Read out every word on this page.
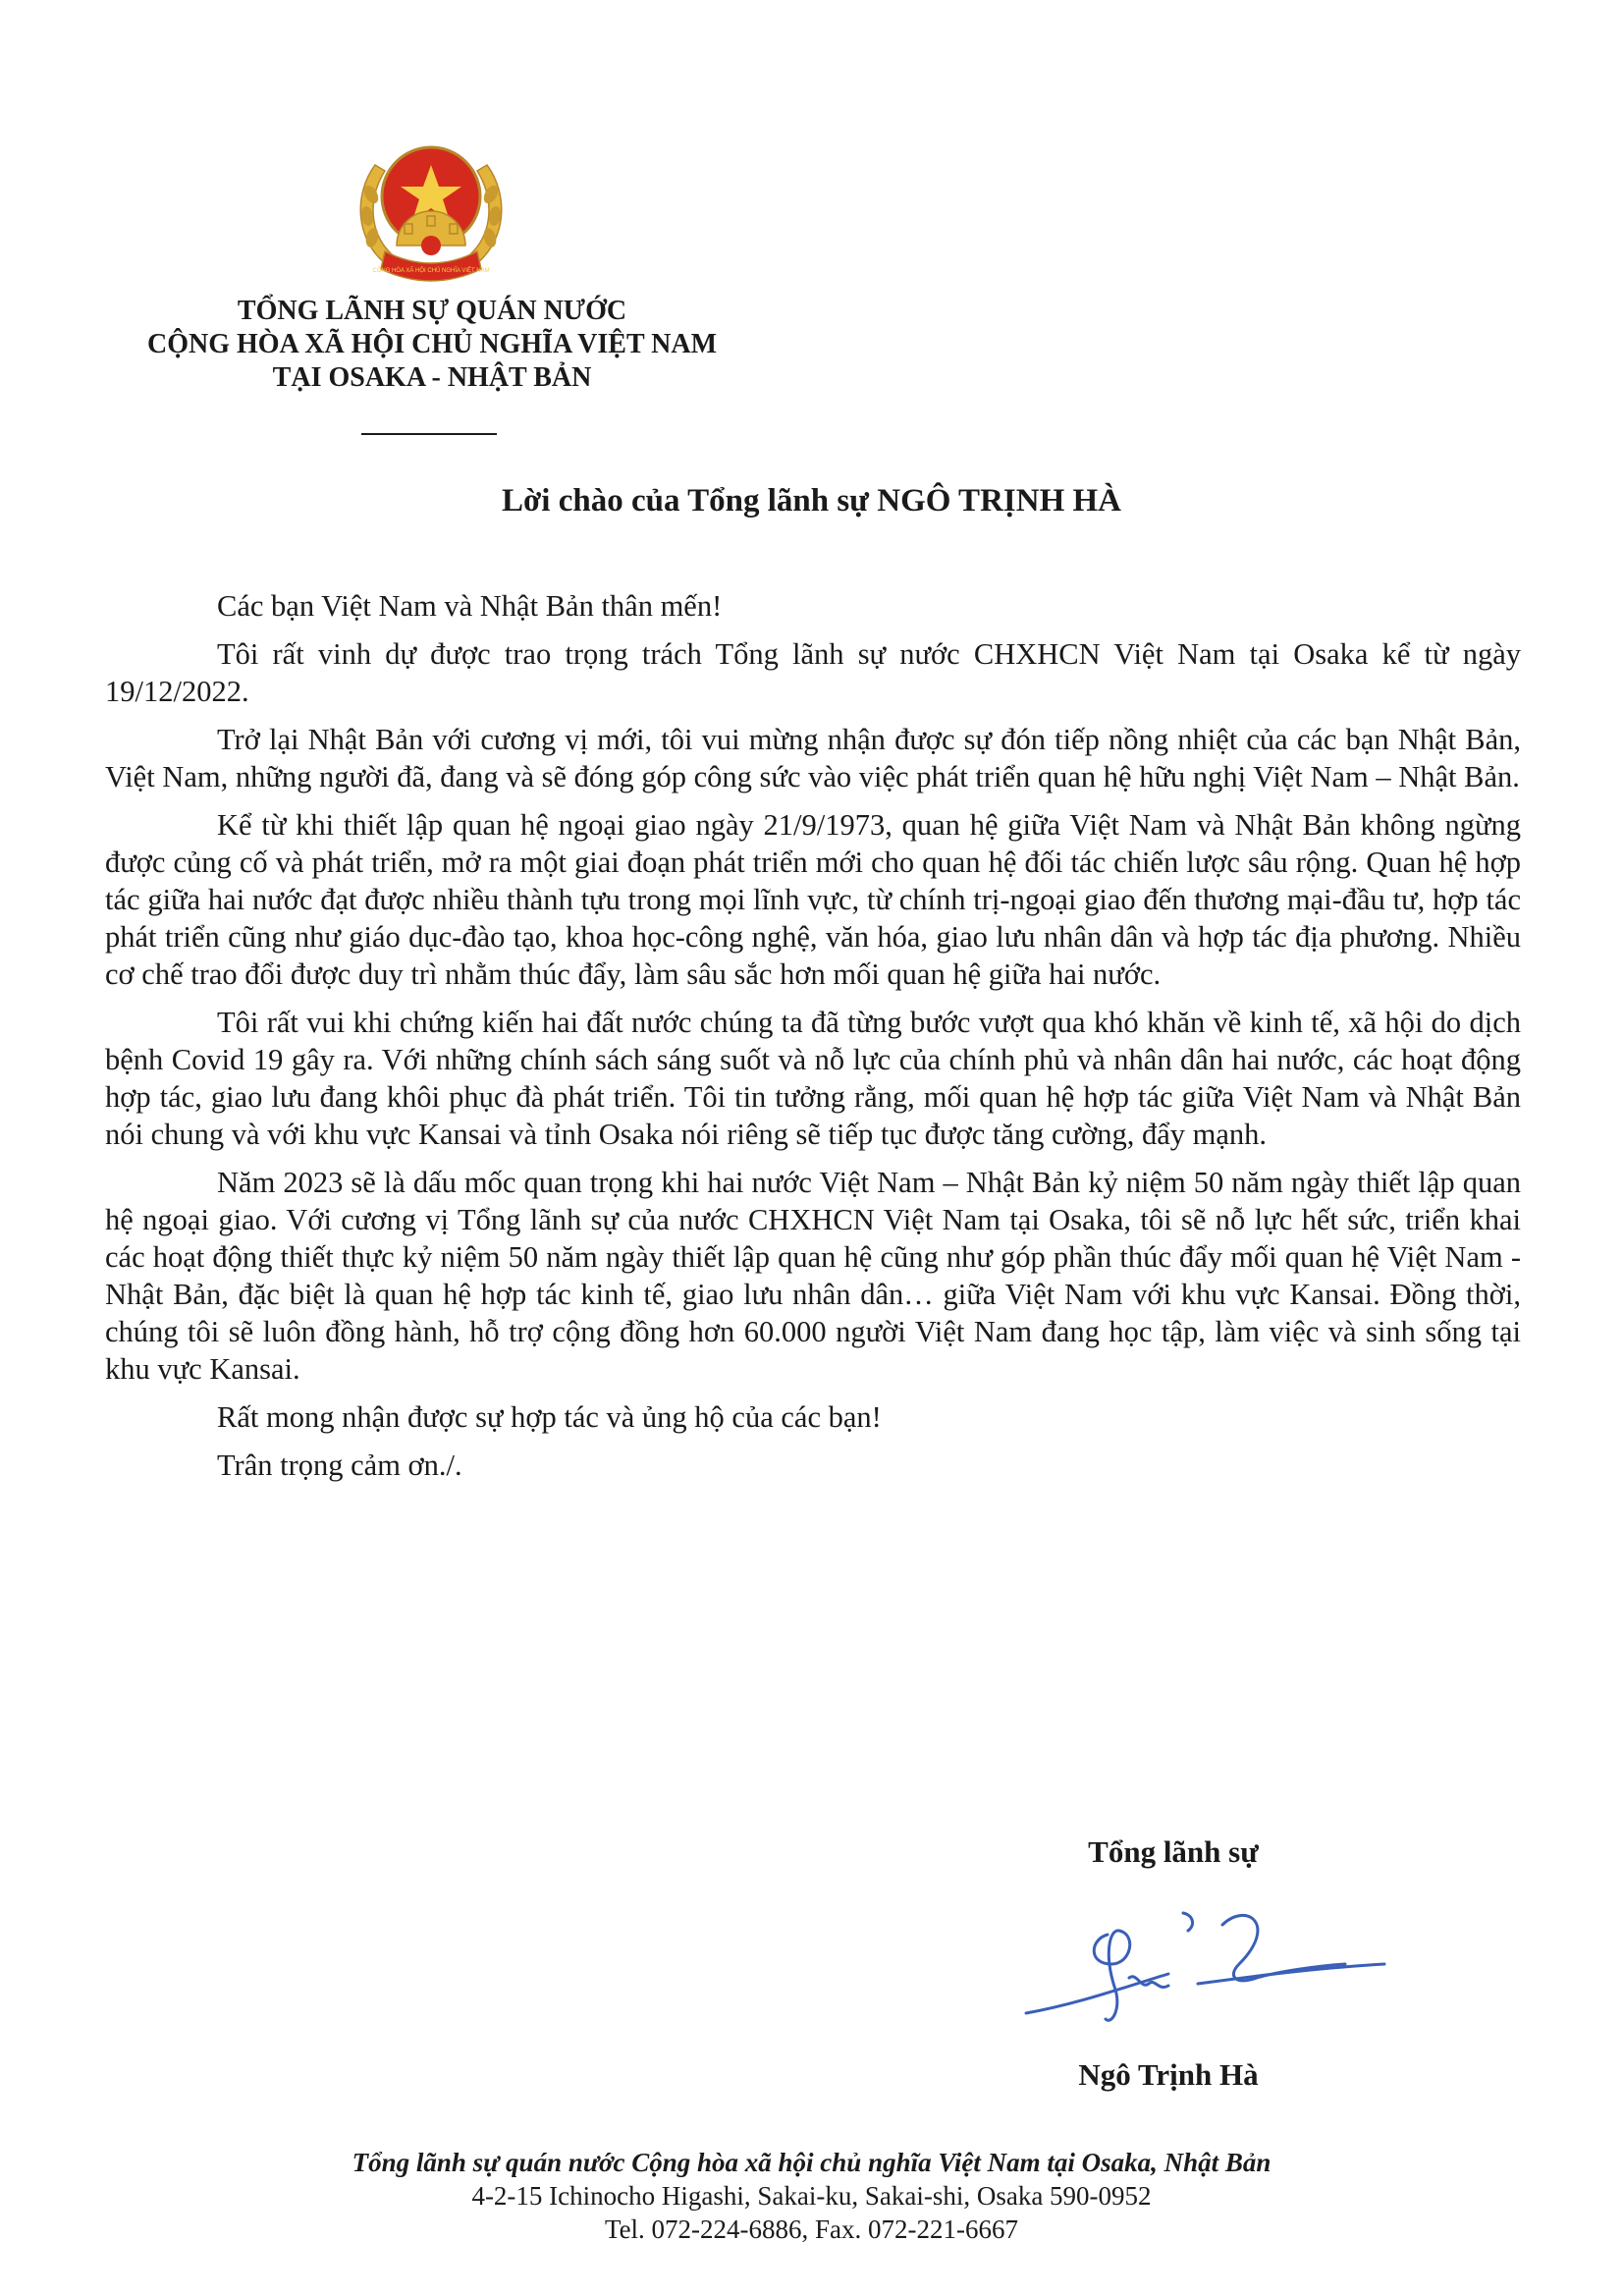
CỘNG HÒA XÃ HỘI CHỦ NGHĨA VIỆT NAM
TỔNG LÃNH SỰ QUÁN NƯỚC
CỘNG HÒA XÃ HỘI CHỦ NGHĨA VIỆT NAM
TẠI OSAKA - NHẬT BẢN
Lời chào của Tổng lãnh sự NGÔ TRỊNH HÀ

Các bạn Việt Nam và Nhật Bản thân mến!

Tôi rất vinh dự được trao trọng trách Tổng lãnh sự nước CHXHCN Việt Nam tại Osaka kể từ ngày 19/12/2022.

Trở lại Nhật Bản với cương vị mới, tôi vui mừng nhận được sự đón tiếp nồng nhiệt của các bạn Nhật Bản, Việt Nam, những người đã, đang và sẽ đóng góp công sức vào việc phát triển quan hệ hữu nghị Việt Nam – Nhật Bản.

Kể từ khi thiết lập quan hệ ngoại giao ngày 21/9/1973, quan hệ giữa Việt Nam và Nhật Bản không ngừng được củng cố và phát triển, mở ra một giai đoạn phát triển mới cho quan hệ đối tác chiến lược sâu rộng. Quan hệ hợp tác giữa hai nước đạt được nhiều thành tựu trong mọi lĩnh vực, từ chính trị-ngoại giao đến thương mại-đầu tư, hợp tác phát triển cũng như giáo dục-đào tạo, khoa học-công nghệ, văn hóa, giao lưu nhân dân và hợp tác địa phương. Nhiều cơ chế trao đổi được duy trì nhằm thúc đẩy, làm sâu sắc hơn mối quan hệ giữa hai nước.

Tôi rất vui khi chứng kiến hai đất nước chúng ta đã từng bước vượt qua khó khăn về kinh tế, xã hội do dịch bệnh Covid 19 gây ra. Với những chính sách sáng suốt và nỗ lực của chính phủ và nhân dân hai nước, các hoạt động hợp tác, giao lưu đang khôi phục đà phát triển. Tôi tin tưởng rằng, mối quan hệ hợp tác giữa Việt Nam và Nhật Bản nói chung và với khu vực Kansai và tỉnh Osaka nói riêng sẽ tiếp tục được tăng cường, đẩy mạnh.

Năm 2023 sẽ là dấu mốc quan trọng khi hai nước Việt Nam – Nhật Bản kỷ niệm 50 năm ngày thiết lập quan hệ ngoại giao. Với cương vị Tổng lãnh sự của nước CHXHCN Việt Nam tại Osaka, tôi sẽ nỗ lực hết sức, triển khai các hoạt động thiết thực kỷ niệm 50 năm ngày thiết lập quan hệ cũng như góp phần thúc đẩy mối quan hệ Việt Nam - Nhật Bản, đặc biệt là quan hệ hợp tác kinh tế, giao lưu nhân dân… giữa Việt Nam với khu vực Kansai. Đồng thời, chúng tôi sẽ luôn đồng hành, hỗ trợ cộng đồng hơn 60.000 người Việt Nam đang học tập, làm việc và sinh sống tại khu vực Kansai.

Rất mong nhận được sự hợp tác và ủng hộ của các bạn!

Trân trọng cảm ơn./.

Tổng lãnh sự
Ngô Trịnh Hà
Tổng lãnh sự quán nước Cộng hòa xã hội chủ nghĩa Việt Nam tại Osaka, Nhật Bản
4-2-15 Ichinocho Higashi, Sakai-ku, Sakai-shi, Osaka 590-0952
Tel. 072-224-6886, Fax. 072-221-6667
